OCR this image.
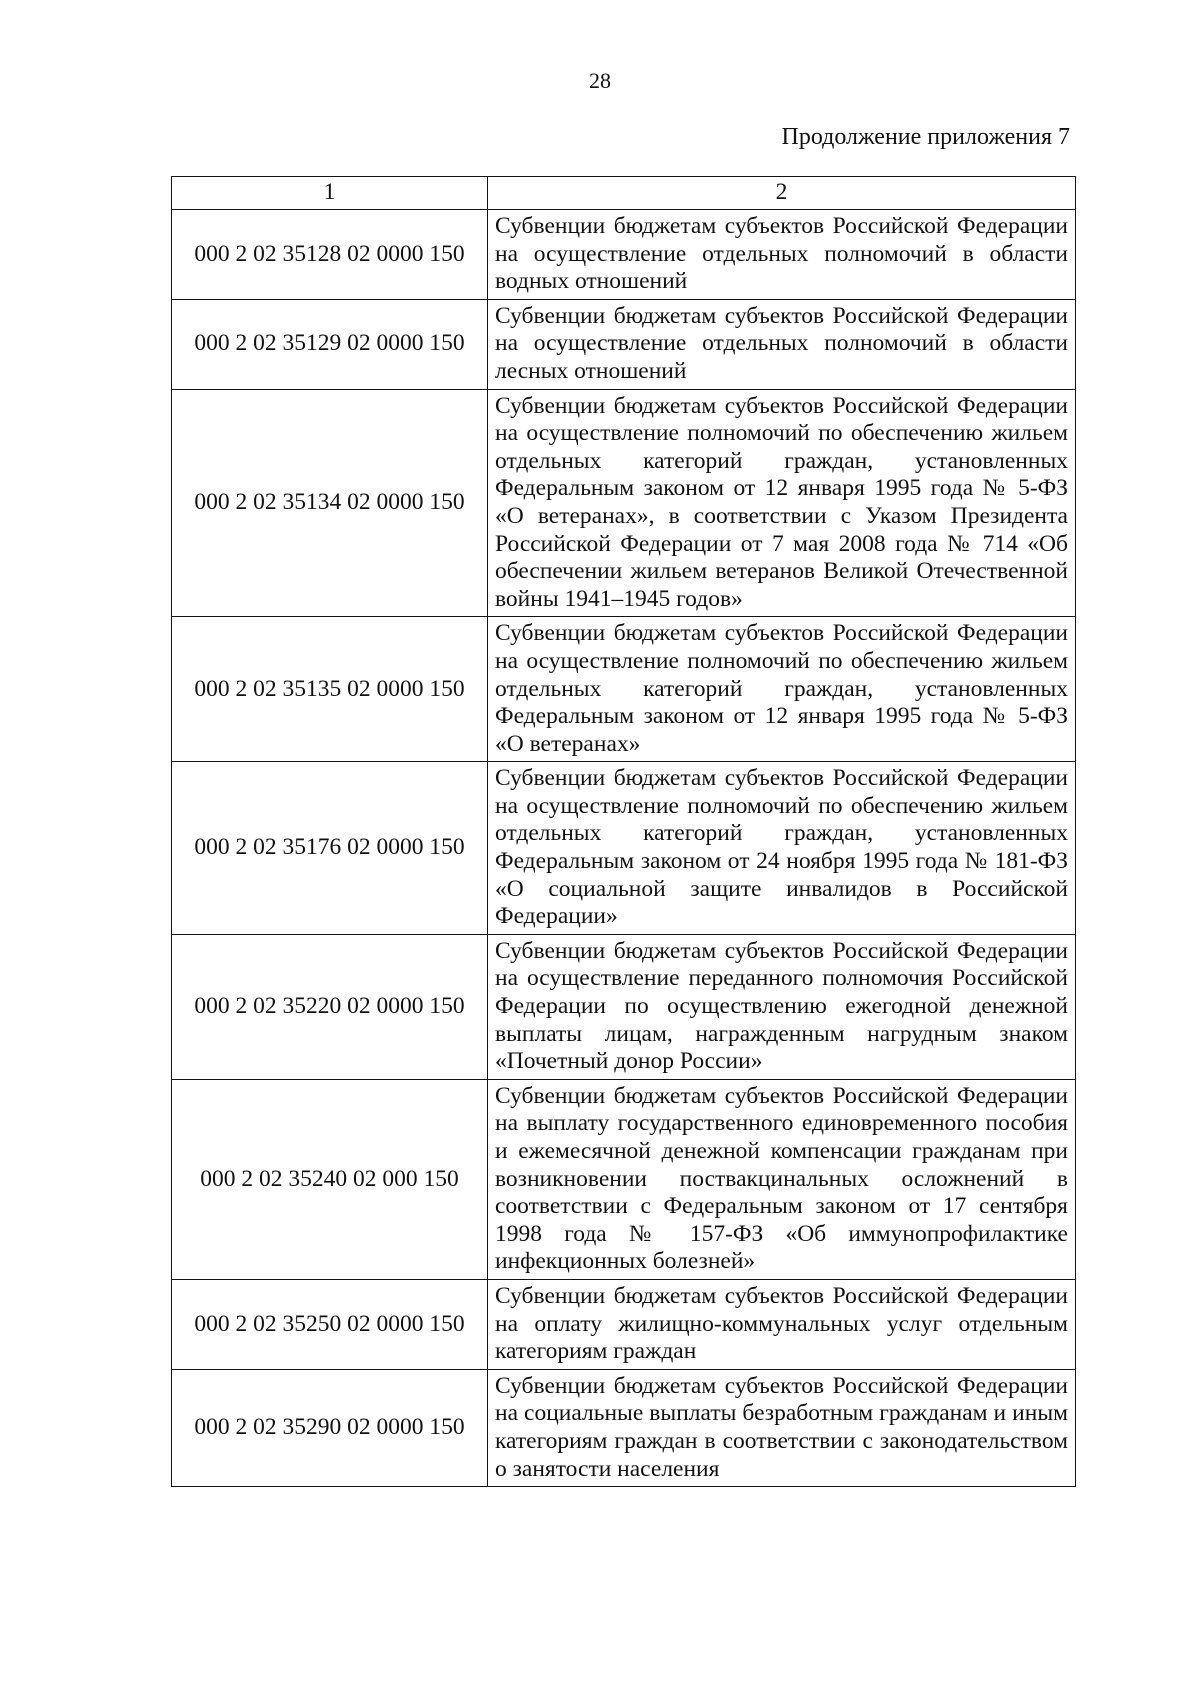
28
Продолжение приложения 7
1	2
000 2 02 35128 02 0000 150	Субвенции бюджетам субъектов Российской Федерации на осуществление отдельных полномочий в области водных отношений
000 2 02 35129 02 0000 150	Субвенции бюджетам субъектов Российской Федерации на осуществление отдельных полномочий в области лесных отношений
000 2 02 35134 02 0000 150	Субвенции бюджетам субъектов Российской Федерации на осуществление полномочий по обеспечению жильем отдельных категорий граждан, установленных Федеральным законом от 12 января 1995 года № 5-ФЗ «О ветеранах», в соответствии с Указом Президента Российской Федерации от 7 мая 2008 года № 714 «Об обеспечении жильем ветеранов Великой Отечественной войны 1941–1945 годов»
000 2 02 35135 02 0000 150	Субвенции бюджетам субъектов Российской Федерации на осуществление полномочий по обеспечению жильем отдельных категорий граждан, установленных Федеральным законом от 12 января 1995 года № 5-ФЗ «О ветеранах»
000 2 02 35176 02 0000 150	Субвенции бюджетам субъектов Российской Федерации на осуществление полномочий по обеспечению жильем отдельных категорий граждан, установленных Федеральным законом от 24 ноября 1995 года № 181-ФЗ «О социальной защите инвалидов в Российской Федерации»
000 2 02 35220 02 0000 150	Субвенции бюджетам субъектов Российской Федерации на осуществление переданного полномочия Российской Федерации по осуществлению ежегодной денежной выплаты лицам, награжденным нагрудным знаком «Почетный донор России»
000 2 02 35240 02 000 150	Субвенции бюджетам субъектов Российской Федерации на выплату государственного единовременного пособия и ежемесячной денежной компенсации гражданам при возникновении поствакцинальных осложнений в соответствии с Федеральным законом от 17 сентября 1998 года № 157-ФЗ «Об иммунопрофилактике инфекционных болезней»
000 2 02 35250 02 0000 150	Субвенции бюджетам субъектов Российской Федерации на оплату жилищно-коммунальных услуг отдельным категориям граждан
000 2 02 35290 02 0000 150	Субвенции бюджетам субъектов Российской Федерации на социальные выплаты безработным гражданам и иным категориям граждан в соответствии с законодательством о занятости населения
